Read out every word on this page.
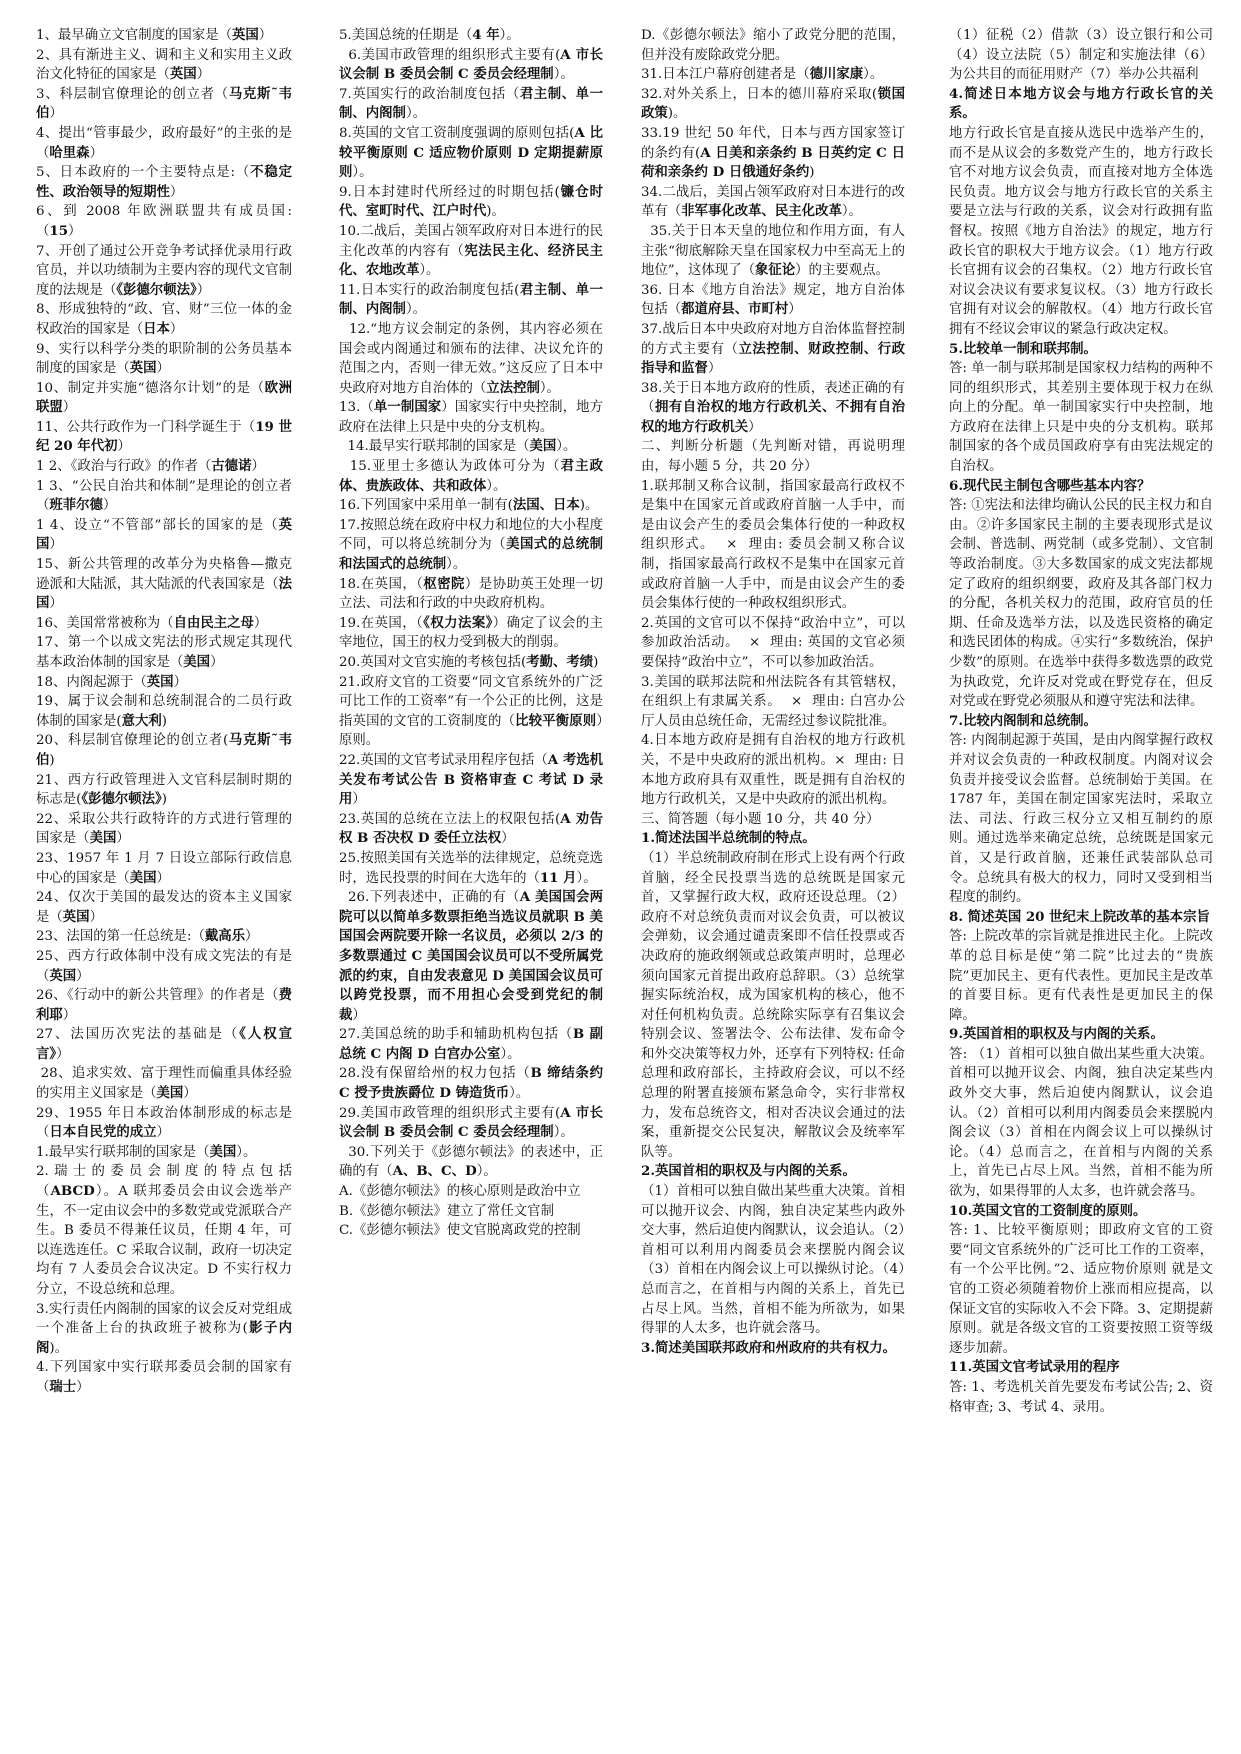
1、最早确立文官制度的国家是（英国）

2、具有渐进主义、调和主义和实用主义政治文化特征的国家是（英国）

3、科层制官僚理论的创立者（马克斯˜韦伯）

4、提出“管事最少，政府最好”的主张的是（哈里森）

5、日本政府的一个主要特点是:（不稳定性、政治领导的短期性）

6、到 2008 年欧洲联盟共有成员国:（15）

7、开创了通过公开竞争考试择优录用行政官员，并以功绩制为主要内容的现代文官制度的法规是（《彭德尔顿法》）

8、形成独特的“政、官、财”三位一体的金权政治的国家是（日本）

9、实行以科学分类的职阶制的公务员基本制度的国家是（英国）

10、制定并实施“德洛尔计划”的是（欧洲联盟）

11、公共行政作为一门科学诞生于（19 世纪 20 年代初）

1 2、《政治与行政》的作者（古德诺）

1 3、“公民自治共和体制”是理论的创立者（班菲尔德）

1 4、设立“不管部”部长的国家的是（英国）

15、新公共管理的改革分为央格鲁—撒克逊派和大陆派，其大陆派的代表国家是（法国）

16、美国常常被称为（自由民主之母）

17、第一个以成文宪法的形式规定其现代基本政治体制的国家是（美国）

18、内阁起源于（英国）

19、属于议会制和总统制混合的二员行政体制的国家是(意大利)

20、科层制官僚理论的创立者(马克斯˜韦伯)

21、西方行政管理进入文官科层制时期的标志是(《彭德尔顿法》)

22、采取公共行政特许的方式进行管理的国家是（美国）

23、1957 年 1 月 7 日设立部际行政信息中心的国家是（美国）

24、仅次于美国的最发达的资本主义国家是（英国）

23、法国的第一任总统是:（戴高乐）

25、西方行政体制中没有成文宪法的有是（英国）

26、《行动中的新公共管理》的作者是（费利耶）

27、法国历次宪法的基础是（《人权宣言》）

28、追求实效、富于理性而偏重具体经验的实用主义国家是（美国）

29、1955 年日本政治体制形成的标志是（日本自民党的成立）

1.最早实行联邦制的国家是（美国）。

2.瑞士的委员会制度的特点包括（ABCD）。A 联邦委员会由议会选举产生，不一定由议会中的多数党或党派联合产生。B 委员不得兼任议员，任期 4 年，可以连选连任。C 采取合议制，政府一切决定均有 7 人委员会合议决定。D 不实行权力分立，不设总统和总理。

3.实行责任内阁制的国家的议会反对党组成一个准备上台的执政班子被称为(影子内阁)。

4.下列国家中实行联邦委员会制的国家有（瑞士）

5.美国总统的任期是（4 年）。

6.美国市政管理的组织形式主要有(A 市长议会制 B 委员会制 C 委员会经理制）。

7.英国实行的政治制度包括（君主制、单一制、内阁制）。

8.英国的文官工资制度强调的原则包括(A 比较平衡原则 C 适应物价原则 D 定期提薪原则）。

9.日本封建时代所经过的时期包括(镰仓时代、室町时代、江户时代)。

10.二战后，美国占领军政府对日本进行的民主化改革的内容有（宪法民主化、经济民主化、农地改革）。

11.日本实行的政治制度包括(君主制、单一制、内阁制）。

12.“地方议会制定的条例，其内容必须在国会或内阁通过和颁布的法律、决议允许的范围之内，否则一律无效。”这反应了日本中央政府对地方自治体的（立法控制）。

13.（单一制国家）国家实行中央控制，地方政府在法律上只是中央的分支机构。

14.最早实行联邦制的国家是（美国）。

15.亚里士多德认为政体可分为（君主政体、贵族政体、共和政体）。

16.下列国家中采用单一制有(法国、日本)。

17.按照总统在政府中权力和地位的大小程度不同，可以将总统制分为（美国式的总统制和法国式的总统制）。

18.在英国，（枢密院）是协助英王处理一切立法、司法和行政的中央政府机构。

19.在英国，（《权力法案》）确定了议会的主宰地位，国王的权力受到极大的削弱。

20.英国对文官实施的考核包括(考勤、考绩)

21.政府文官的工资要“同文官系统外的广泛可比工作的工资率”有一个公正的比例，这是指英国的文官的工资制度的（比较平衡原则）原则。

22.英国的文官考试录用程序包括（A 考选机关发布考试公告 B 资格审查 C 考试 D 录用）

23.英国的总统在立法上的权限包括(A 劝告权 B 否决权 D 委任立法权）

25.按照美国有关选举的法律规定，总统竞选时，选民投票的时间在大选年的（11 月）。

26.下列表述中，正确的有（A 美国国会两院可以以简单多数票拒绝当选议员就职 B 美国国会两院要开除一名议员，必须以 2/3 的多数票通过 C 美国国会议员可以不受所属党派的约束，自由发表意见 D 美国国会议员可以跨党投票，而不用担心会受到党纪的制裁）

27.美国总统的助手和辅助机构包括（B 副总统 C 内阁 D 白宫办公室）。

28.没有保留给州的权力包括（B 缔结条约 C 授予贵族爵位 D 铸造货币）。

29.美国市政管理的组织形式主要有(A 市长议会制 B 委员会制 C 委员会经理制）。

30.下列关于《彭德尔顿法》的表述中，正确的有（A、B、C、D）。

A.《彭德尔顿法》的核心原则是政治中立

B.《彭德尔顿法》建立了常任文官制

C.《彭德尔顿法》使文官脱离政党的控制

D.《彭德尔顿法》缩小了政党分肥的范围，但并没有废除政党分肥。

31.日本江户幕府创建者是（德川家康）。

32.对外关系上，日本的德川幕府采取(锁国政策)。

33.19 世纪 50 年代，日本与西方国家签订的条约有(A 日美和亲条约 B 日英约定 C 日荷和亲条约 D 日俄通好条约)

34.二战后，美国占领军政府对日本进行的改革有（非军事化改革、民主化改革）。

35.关于日本天皇的地位和作用方面，有人主张“彻底解除天皇在国家权力中至高无上的地位”，这体现了（象征论）的主要观点。

36. 日本《地方自治法》规定，地方自治体包括（都道府县、市町村）

37.战后日本中央政府对地方自治体监督控制的方式主要有（立法控制、财政控制、行政指导和监督）

38.关于日本地方政府的性质，表述正确的有（拥有自治权的地方行政机关、不拥有自治权的地方行政机关）

二、判断分析题（先判断对错，再说明理由，每小题 5 分，共 20 分）

1.联邦制又称合议制，指国家最高行政权不是集中在国家元首或政府首脑一人手中，而是由议会产生的委员会集体行使的一种政权组织形式。  ×  理由: 委员会制又称合议制，指国家最高行政权不是集中在国家元首或政府首脑一人手中，而是由议会产生的委员会集体行使的一种政权组织形式。

2.英国的文官可以不保持“政治中立”，可以参加政治活动。  ×  理由: 英国的文官必须要保持“政治中立”，不可以参加政治活。

3.美国的联邦法院和州法院各有其管辖权，在组织上有隶属关系。  ×  理由: 白宫办公厅人员由总统任命，无需经过参议院批准。

4.日本地方政府是拥有自治权的地方行政机关，不是中央政府的派出机构。×  理由: 日本地方政府具有双重性，既是拥有自治权的地方行政机关，又是中央政府的派出机构。

三、简答题（每小题 10 分，共 40 分）

1.简述法国半总统制的特点。

（1）半总统制政府制在形式上设有两个行政首脑，经全民投票当选的总统既是国家元首，又掌握行政大权，政府还设总理。（2）政府不对总统负责而对议会负责，可以被议会弹劾，议会通过谴责案即不信任投票或否决政府的施政纲领或总政策声明时，总理必须向国家元首提出政府总辞职。（3）总统掌握实际统治权，成为国家机构的核心，他不对任何机构负责。总统除实际享有召集议会特别会议、签署法令、公布法律、发布命令和外交决策等权力外，还享有下列特权: 任命总理和政府部长，主持政府会议，可以不经总理的附署直接颁布紧急命令，实行非常权力，发布总统咨文，相对否决议会通过的法案，重新提交公民复决，解散议会及统率军队等。

2.英国首相的职权及与内阁的关系。

（1）首相可以独自做出某些重大决策。首相可以抛开议会、内阁，独自决定某些内政外交大事，然后迫使内阁默认，议会追认。（2）首相可以利用内阁委员会来摆脱内阁会议（3）首相在内阁会议上可以操纵讨论。（4）总而言之，在首相与内阁的关系上，首先已占尽上风。当然，首相不能为所欲为，如果得罪的人太多，也许就会落马。

3.简述美国联邦政府和州政府的共有权力。

（1）征税（2）借款（3）设立银行和公司（4）设立法院（5）制定和实施法律（6）为公共目的而征用财产（7）举办公共福利

4.简述日本地方议会与地方行政长官的关系。

地方行政长官是直接从选民中选举产生的，而不是从议会的多数党产生的，地方行政长官不对地方议会负责，而直接对地方全体选民负责。地方议会与地方行政长官的关系主要是立法与行政的关系，议会对行政拥有监督权。按照《地方自治法》的规定，地方行政长官的职权大于地方议会。（1）地方行政长官拥有议会的召集权。（2）地方行政长官对议会决议有要求复议权。（3）地方行政长官拥有对议会的解散权。（4）地方行政长官拥有不经议会审议的紧急行政决定权。

5.比较单一制和联邦制。

答: 单一制与联邦制是国家权力结构的两种不同的组织形式，其差别主要体现于权力在纵向上的分配。单一制国家实行中央控制，地方政府在法律上只是中央的分支机构。联邦制国家的各个成员国政府享有由宪法规定的自治权。

6.现代民主制包含哪些基本内容？

答: ①宪法和法律均确认公民的民主权力和自由。②许多国家民主制的主要表现形式是议会制、普选制、两党制（或多党制）、文官制等政治制度。③大多数国家的成文宪法都规定了政府的组织纲要，政府及其各部门权力的分配，各机关权力的范围，政府官员的任期、任命及选举方法，以及选民资格的确定和选民团体的构成。④实行“多数统治，保护少数”的原则。在选举中获得多数选票的政党为执政党，允许反对党或在野党存在，但反对党或在野党必须服从和遵守宪法和法律。

7.比较内阁制和总统制。

答: 内阁制起源于英国，是由内阁掌握行政权并对议会负责的一种政权制度。内阁对议会负责并接受议会监督。总统制始于美国。在 1787 年，美国在制定国家宪法时，采取立法、司法、行政三权分立又相互制约的原则。通过选举来确定总统，总统既是国家元首，又是行政首脑，还兼任武装部队总司令。总统具有极大的权力，同时又受到相当程度的制约。

8. 简述英国 20 世纪末上院改革的基本宗旨

答: 上院改革的宗旨就是推进民主化。上院改革的总目标是使“第二院”比过去的“贵族院”更加民主、更有代表性。更加民主是改革的首要目标。更有代表性是更加民主的保障。

9.英国首相的职权及与内阁的关系。

答: （1）首相可以独自做出某些重大决策。首相可以抛开议会、内阁，独自决定某些内政外交大事，然后迫使内阁默认，议会追认。（2）首相可以利用内阁委员会来摆脱内阁会议（3）首相在内阁会议上可以操纵讨论。（4）总而言之，在首相与内阁的关系上，首先已占尽上风。当然，首相不能为所欲为，如果得罪的人太多，也许就会落马。

10.英国文官的工资制度的原则。

答: 1、比较平衡原则；即政府文官的工资要“同文官系统外的广泛可比工作的工资率，有一个公平比例。”2、适应物价原则 就是文官的工资必须随着物价上涨而相应提高，以保证文官的实际收入不会下降。3、定期提薪原则。就是各级文官的工资要按照工资等级逐步加薪。

11.英国文官考试录用的程序

答: 1、考选机关首先要发布考试公告; 2、资格审查; 3、考试 4、录用。
